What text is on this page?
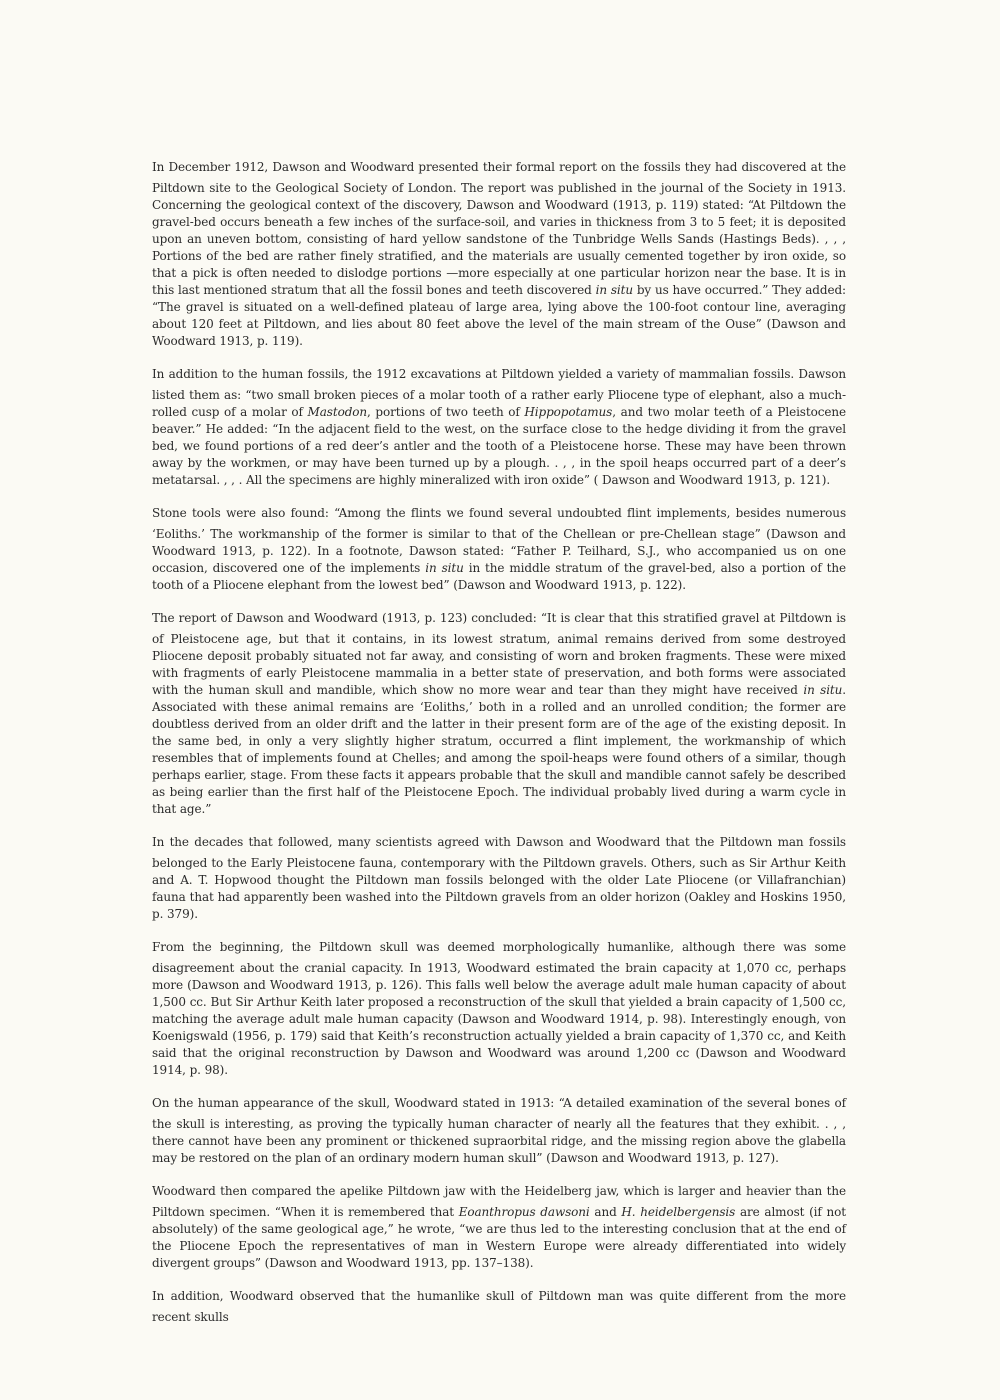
In December 1912, Dawson and Woodward presented their formal report on the fossils they had discovered at the Piltdown site to the Geological Society of London. The report was published in the journal of the Society in 1913. Concerning the geological context of the discovery, Dawson and Woodward (1913, p. 119) stated: “At Piltdown the gravel-bed occurs beneath a few inches of the surface-soil, and varies in thickness from 3 to 5 feet; it is deposited upon an uneven bottom, consisting of hard yellow sandstone of the Tunbridge Wells Sands (Hastings Beds). , , , Portions of the bed are rather finely stratified, and the materials are usually cemented together by iron oxide, so that a pick is often needed to dislodge portions —more especially at one particular horizon near the base. It is in this last mentioned stratum that all the fossil bones and teeth discovered in situ by us have occurred.” They added: “The gravel is situated on a well-defined plateau of large area, lying above the 100-foot contour line, averaging about 120 feet at Piltdown, and lies about 80 feet above the level of the main stream of the Ouse” (Dawson and Woodward 1913, p. 119).

In addition to the human fossils, the 1912 excavations at Piltdown yielded a variety of mammalian fossils. Dawson listed them as: “two small broken pieces of a molar tooth of a rather early Pliocene type of elephant, also a much-rolled cusp of a molar of Mastodon, portions of two teeth of Hippopotamus, and two molar teeth of a Pleistocene beaver.” He added: “In the adjacent field to the west, on the surface close to the hedge dividing it from the gravel bed, we found portions of a red deer’s antler and the tooth of a Pleistocene horse. These may have been thrown away by the workmen, or may have been turned up by a plough. . , , in the spoil heaps occurred part of a deer’s metatarsal. , , . All the specimens are highly mineralized with iron oxide” ( Dawson and Woodward 1913, p. 121).

Stone tools were also found: “Among the flints we found several undoubted flint implements, besides numerous ‘Eoliths.’ The workmanship of the former is similar to that of the Chellean or pre-Chellean stage” (Dawson and Woodward 1913, p. 122). In a footnote, Dawson stated: “Father P. Teilhard, S.J., who accompanied us on one occasion, discovered one of the implements in situ in the middle stratum of the gravel-bed, also a portion of the tooth of a Pliocene elephant from the lowest bed” (Dawson and Woodward 1913, p. 122).

The report of Dawson and Woodward (1913, p. 123) concluded: “It is clear that this stratified gravel at Piltdown is of Pleistocene age, but that it contains, in its lowest stratum, animal remains derived from some destroyed Pliocene deposit probably situated not far away, and consisting of worn and broken fragments. These were mixed with fragments of early Pleistocene mammalia in a better state of preservation, and both forms were associated with the human skull and mandible, which show no more wear and tear than they might have received in situ. Associated with these animal remains are ‘Eoliths,’ both in a rolled and an unrolled condition; the former are doubtless derived from an older drift and the latter in their present form are of the age of the existing deposit. In the same bed, in only a very slightly higher stratum, occurred a flint implement, the workmanship of which resembles that of implements found at Chelles; and among the spoil-heaps were found others of a similar, though perhaps earlier, stage. From these facts it appears probable that the skull and mandible cannot safely be described as being earlier than the first half of the Pleistocene Epoch. The individual probably lived during a warm cycle in that age.”

In the decades that followed, many scientists agreed with Dawson and Woodward that the Piltdown man fossils belonged to the Early Pleistocene fauna, contemporary with the Piltdown gravels. Others, such as Sir Arthur Keith and A. T. Hopwood thought the Piltdown man fossils belonged with the older Late Pliocene (or Villafranchian) fauna that had apparently been washed into the Piltdown gravels from an older horizon (Oakley and Hoskins 1950, p. 379).

From the beginning, the Piltdown skull was deemed morphologically humanlike, although there was some disagreement about the cranial capacity. In 1913, Woodward estimated the brain capacity at 1,070 cc, perhaps more (Dawson and Woodward 1913, p. 126). This falls well below the average adult male human capacity of about 1,500 cc. But Sir Arthur Keith later proposed a reconstruction of the skull that yielded a brain capacity of 1,500 cc, matching the average adult male human capacity (Dawson and Woodward 1914, p. 98). Interestingly enough, von Koenigswald (1956, p. 179) said that Keith’s reconstruction actually yielded a brain capacity of 1,370 cc, and Keith said that the original reconstruction by Dawson and Woodward was around 1,200 cc (Dawson and Woodward 1914, p. 98).

On the human appearance of the skull, Woodward stated in 1913: “A detailed examination of the several bones of the skull is interesting, as proving the typically human character of nearly all the features that they exhibit. . , , there cannot have been any prominent or thickened supraorbital ridge, and the missing region above the glabella may be restored on the plan of an ordinary modern human skull” (Dawson and Woodward 1913, p. 127).

Woodward then compared the apelike Piltdown jaw with the Heidelberg jaw, which is larger and heavier than the Piltdown specimen. “When it is remembered that Eoanthropus dawsoni and H. heidelbergensis are almost (if not absolutely) of the same geological age,” he wrote, “we are thus led to the interesting conclusion that at the end of the Pliocene Epoch the representatives of man in Western Europe were already differentiated into widely divergent groups” (Dawson and Woodward 1913, pp. 137–138).

In addition, Woodward observed that the humanlike skull of Piltdown man was quite different from the more recent skulls
